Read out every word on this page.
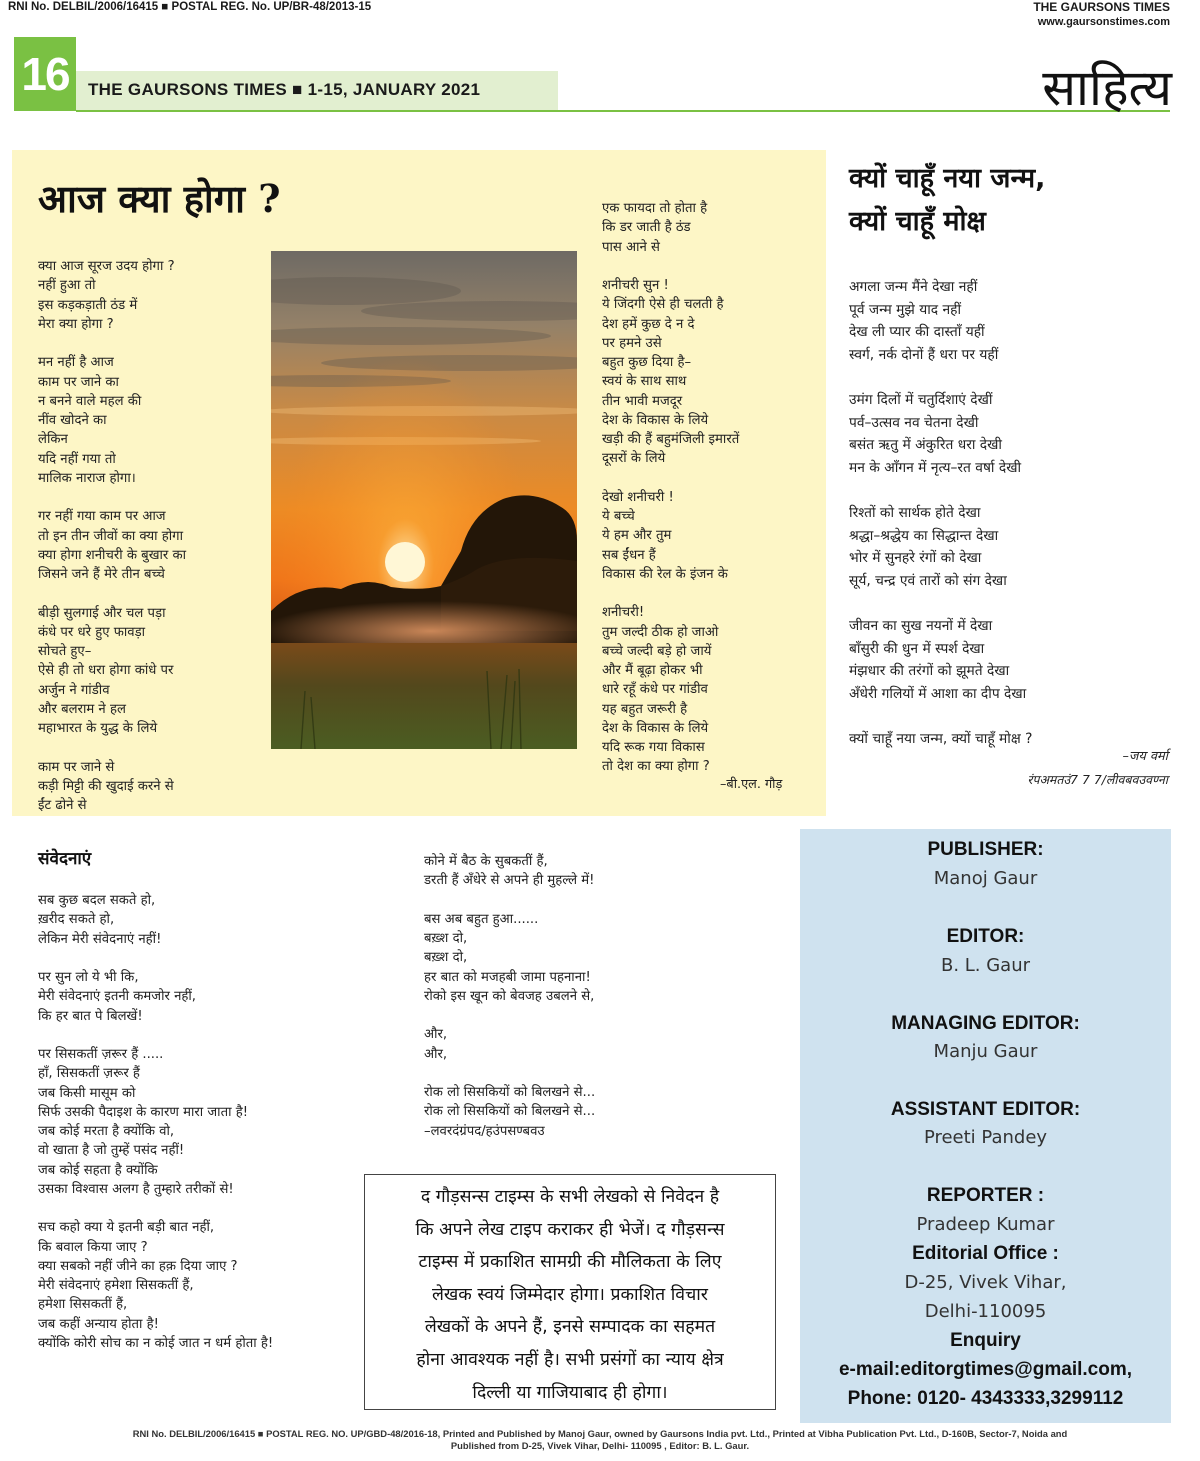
RNI No. DELBIL/2006/16415 ■ POSTAL REG. No. UP/BR-48/2013-15	THE GAURSONS TIMES
www.gaursonstimes.com
16	THE GAURSONS TIMES ■ 1-15, JANUARY 2021	साहित्य
आज क्या होगा ?
क्या आज सूरज उदय होगा ?
नहीं हुआ तो
इस कड़कड़ाती ठंड में
मेरा क्या होगा ?
मन नहीं है आज
काम पर जाने का
न बनने वाले महल की
नींव खोदने का
लेकिन
यदि नहीं गया तो
मालिक नाराज होगा।
गर नहीं गया काम पर आज
तो इन तीन जीवों का क्या होगा
क्या होगा शनीचरी के बुखार का
जिसने जने हैं मेरे तीन बच्चे
बीड़ी सुलगाई और चल पड़ा
कंधे पर धरे हुए फावड़ा
सोचते हुए–
ऐसे ही तो धरा होगा कांधे पर
अर्जुन ने गांडीव
और बलराम ने हल
महाभारत के युद्ध के लिये
काम पर जाने से
कड़ी मिट्टी की खुदाई करने से
ईंट ढोने से
एक फायदा तो होता है
कि डर जाती है ठंड
पास आने से
शनीचरी सुन !
ये जिंदगी ऐसे ही चलती है
देश हमें कुछ दे न दे
पर हमने उसे
बहुत कुछ दिया है–
स्वयं के साथ साथ
तीन भावी मजदूर
देश के विकास के लिये
खड़ी की हैं बहुमंजिली इमारतें
दूसरों के लिये
देखो शनीचरी !
ये बच्चे
ये हम और तुम
सब ईंधन हैं
विकास की रेल के इंजन के
शनीचरी!
तुम जल्दी ठीक हो जाओ
बच्चे जल्दी बड़े हो जायें
और मैं बूढ़ा होकर भी
धारे रहूँ कंधे पर गांडीव
यह बहुत जरूरी है
देश के विकास के लिये
यदि रूक गया विकास
तो देश का क्या होगा ?
–बी.एल. गौड़
क्यों चाहूँ नया जन्म,
क्यों चाहूँ मोक्ष
अगला जन्म मैंने देखा नहीं
पूर्व जन्म मुझे याद नहीं
देख ली प्यार की दास्ताँ यहीं
स्वर्ग, नर्क दोनों हैं धरा पर यहीं
उमंग दिलों में चतुर्दिशाएं देखीं
पर्व–उत्सव नव चेतना देखी
बसंत ऋतु में अंकुरित धरा देखी
मन के आँगन में नृत्य–रत वर्षा देखी
रिश्तों को सार्थक होते देखा
श्रद्धा–श्रद्धेय का सिद्धान्त देखा
भोर में सुनहरे रंगों को देखा
सूर्य, चन्द्र एवं तारों को संग देखा
जीवन का सुख नयनों में देखा
बाँसुरी की धुन में स्पर्श देखा
मंझधार की तरंगों को झूमते देखा
अँधेरी गलियों में आशा का दीप देखा
क्यों चाहूँ नया जन्म, क्यों चाहूँ मोक्ष ?
–जय वर्मा
रंपअमतउं7 7 7/लीवबवउवण्ना
संवेदनाएं
सब कुछ बदल सकते हो,
ख़रीद सकते हो,
लेकिन मेरी संवेदनाएं नहीं!
पर सुन लो ये भी कि,
मेरी संवेदनाएं इतनी कमजोर नहीं,
कि हर बात पे बिलखें!
पर सिसकतीं ज़रूर हैं .....
हाँ, सिसकतीं ज़रूर हैं
जब किसी मासूम को
सिर्फ उसकी पैदाइश के कारण मारा जाता है!
जब कोई मरता है क्योंकि वो,
वो खाता है जो तुम्हें पसंद नहीं!
जब कोई सहता है क्योंकि
उसका विश्वास अलग है तुम्हारे तरीकों से!
सच कहो क्या ये इतनी बड़ी बात नहीं,
कि बवाल किया जाए ?
क्या सबको नहीं जीने का हक़ दिया जाए ?
मेरी संवेदनाएं हमेशा सिसकतीं हैं,
हमेशा सिसकतीं हैं,
जब कहीं अन्याय होता है!
क्योंकि कोरी सोच का न कोई जात न धर्म होता है!
कोने में बैठ के सुबकतीं हैं,
डरती हैं अँधेरे से अपने ही मुहल्ले में!
बस अब बहुत हुआ......
बख़्श दो,
बख़्श दो,
हर बात को मजहबी जामा पहनाना!
रोको इस खून को बेवजह उबलने से,
और,
और,
रोक लो सिसकियों को बिलखने से...
रोक लो सिसकियों को बिलखने से...
–लवरदंग्रंपद/हउंपसण्बवउ
द गौड़सन्स टाइम्स के सभी लेखको से निवेदन है
कि अपने लेख टाइप कराकर ही भेजें। द गौड़सन्स
टाइम्स में प्रकाशित सामग्री की मौलिकता के लिए
लेखक स्वयं जिम्मेदार होगा। प्रकाशित विचार
लेखकों के अपने हैं, इनसे सम्पादक का सहमत
होना आवश्यक नहीं है। सभी प्रसंगों का न्याय क्षेत्र
दिल्ली या गाजियाबाद ही होगा।
PUBLISHER:
Manoj Gaur
EDITOR:
B. L. Gaur
MANAGING EDITOR:
Manju Gaur
ASSISTANT EDITOR:
Preeti Pandey
REPORTER :
Pradeep Kumar
Editorial Office :
D-25, Vivek Vihar,
Delhi-110095
Enquiry
e-mail:editorgtimes@gmail.com,
Phone: 0120- 4343333,3299112
RNI No. DELBIL/2006/16415 ■ POSTAL REG. NO. UP/GBD-48/2016-18, Printed and Published by Manoj Gaur, owned by Gaursons India pvt. Ltd., Printed at Vibha Publication Pvt. Ltd., D-160B, Sector-7, Noida and
Published from D-25, Vivek Vihar, Delhi- 110095 , Editor: B. L. Gaur.
